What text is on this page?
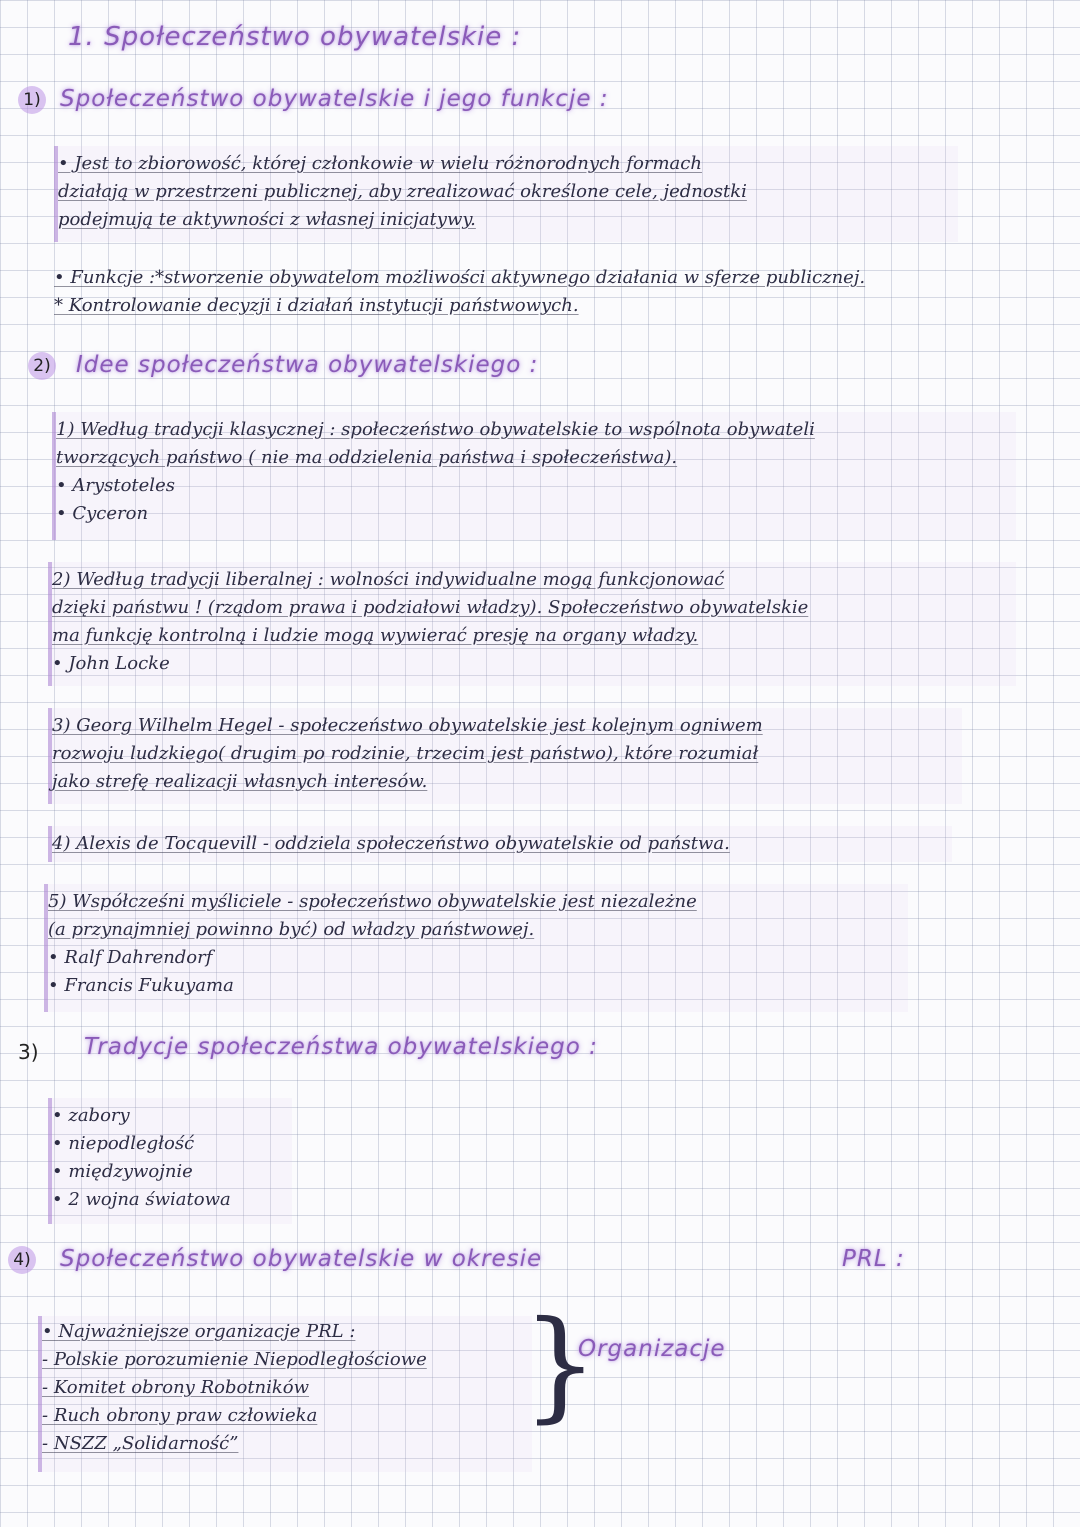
1. Społeczeństwo obywatelskie :
1) Społeczeństwo obywatelskie i jego funkcje :
• Jest to zbiorowość, której członkowie w wielu różnorodnych formach
działają w przestrzeni publicznej, aby zrealizować określone cele, jednostki
podejmują te aktywności z własnej inicjatywy.
• Funkcje :*stworzenie obywatelom możliwości aktywnego działania w sferze publicznej.
* Kontrolowanie decyzji i działań instytucji państwowych.
2) Idee społeczeństwa obywatelskiego :
1) Według tradycji klasycznej : społeczeństwo obywatelskie to wspólnota obywateli
tworzących państwo ( nie ma oddzielenia państwa i społeczeństwa).
• Arystoteles
• Cyceron
2) Według tradycji liberalnej : wolności indywidualne mogą funkcjonować
dzięki państwu ! (rządom prawa i podziałowi władzy). Społeczeństwo obywatelskie
ma funkcję kontrolną i ludzie mogą wywierać presję na organy władzy.
• John Locke
3) Georg Wilhelm Hegel - społeczeństwo obywatelskie jest kolejnym ogniwem
rozwoju ludzkiego( drugim po rodzinie, trzecim jest państwo), które rozumiał
jako strefę realizacji własnych interesów.
4) Alexis de Tocquevill - oddziela społeczeństwo obywatelskie od państwa.
5) Współcześni myśliciele - społeczeństwo obywatelskie jest niezależne
(a przynajmniej powinno być) od władzy państwowej.
• Ralf Dahrendorf
• Francis Fukuyama
3) Tradycje społeczeństwa obywatelskiego :
• zabory
• niepodległość
• międzywojnie
• 2 wojna światowa
4) Społeczeństwo obywatelskie w okresie	PRL :
• Najważniejsze organizacje PRL :
- Polskie porozumienie Niepodległościowe
- Komitet obrony Robotników
- Ruch obrony praw człowieka
- NSZZ „Solidarność”
}
Organizacje
